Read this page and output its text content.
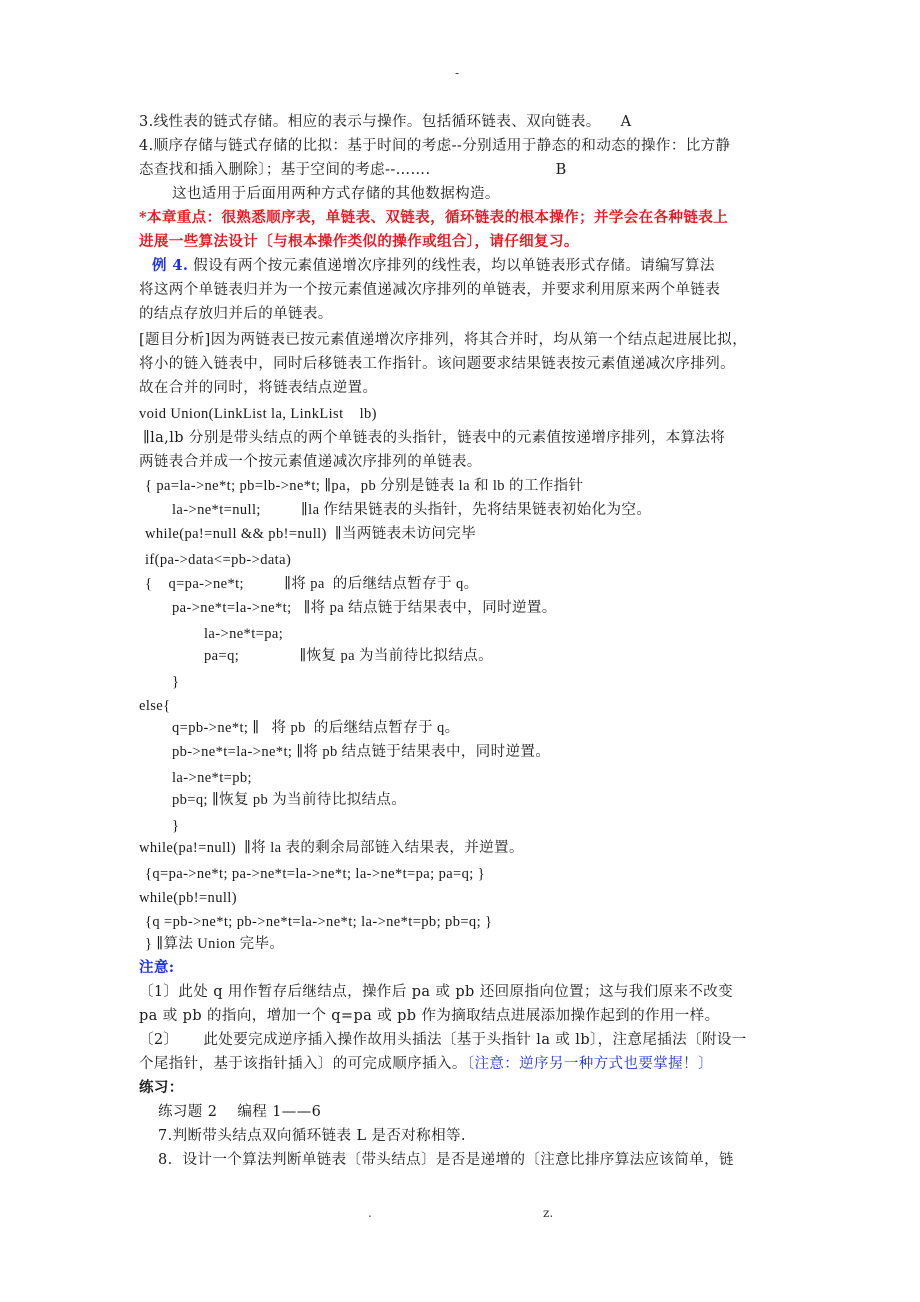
-
3.线性表的链式存储。相应的表示与操作。包括循环链表、双向链表。    A
4.顺序存储与链式存储的比拟：基于时间的考虑--分别适用于静态的和动态的操作：比方静
态查找和插入删除〕；基于空间的考虑--…….                         B
这也适用于后面用两种方式存储的其他数据构造。
*本章重点：很熟悉顺序表，单链表、双链表，循环链表的根本操作；并学会在各种链表上
进展一些算法设计〔与根本操作类似的操作或组合〕，请仔细复习。
例 4. 假设有两个按元素值递增次序排列的线性表，均以单链表形式存储。请编写算法
将这两个单链表归并为一个按元素值递减次序排列的单链表，并要求利用原来两个单链表
的结点存放归并后的单链表。
[题目分析]因为两链表已按元素值递增次序排列，将其合并时，均从第一个结点起进展比拟，
将小的链入链表中，同时后移链表工作指针。该问题要求结果链表按元素值递减次序排列。
故在合并的同时，将链表结点逆置。
void Union(LinkList la, LinkList    lb)
∥la,lb 分别是带头结点的两个单链表的头指针，链表中的元素值按递增序排列，本算法将
两链表合并成一个按元素值递减次序排列的单链表。
{ pa=la->ne*t; pb=lb->ne*t; ∥pa，pb 分别是链表 la 和 lb 的工作指针
la->ne*t=null;          ∥la 作结果链表的头指针，先将结果链表初始化为空。
while(pa!=null && pb!=null)  ∥当两链表未访问完毕
if(pa->data<=pb->data)
{    q=pa->ne*t;          ∥将 pa  的后继结点暂存于 q。
pa->ne*t=la->ne*t;   ∥将 pa 结点链于结果表中，同时逆置。
la->ne*t=pa;
pa=q;               ∥恢复 pa 为当前待比拟结点。
}
else{
q=pb->ne*t; ∥   将 pb  的后继结点暂存于 q。
pb->ne*t=la->ne*t; ∥将 pb 结点链于结果表中，同时逆置。
la->ne*t=pb;
pb=q; ∥恢复 pb 为当前待比拟结点。
}
while(pa!=null)  ∥将 la 表的剩余局部链入结果表，并逆置。
{q=pa->ne*t; pa->ne*t=la->ne*t; la->ne*t=pa; pa=q; }
while(pb!=null)
{q =pb->ne*t; pb->ne*t=la->ne*t; la->ne*t=pb; pb=q; }
} ∥算法 Union 完毕。
注意:
〔1〕此处 q 用作暂存后继结点，操作后 pa 或 pb 还回原指向位置；这与我们原来不改变
pa 或 pb 的指向，增加一个 q=pa 或 pb 作为摘取结点进展添加操作起到的作用一样。
〔2〕     此处要完成逆序插入操作故用头插法〔基于头指针 la 或 lb〕，注意尾插法〔附设一
个尾指针，基于该指针插入〕的可完成顺序插入。〔注意：逆序另一种方式也要掌握！〕
练习：
练习题 2    编程 1——6
7.判断带头结点双向循环链表 L 是否对称相等.
8.  设计一个算法判断单链表〔带头结点〕是否是递增的〔注意比排序算法应该简单，链
.	z.
